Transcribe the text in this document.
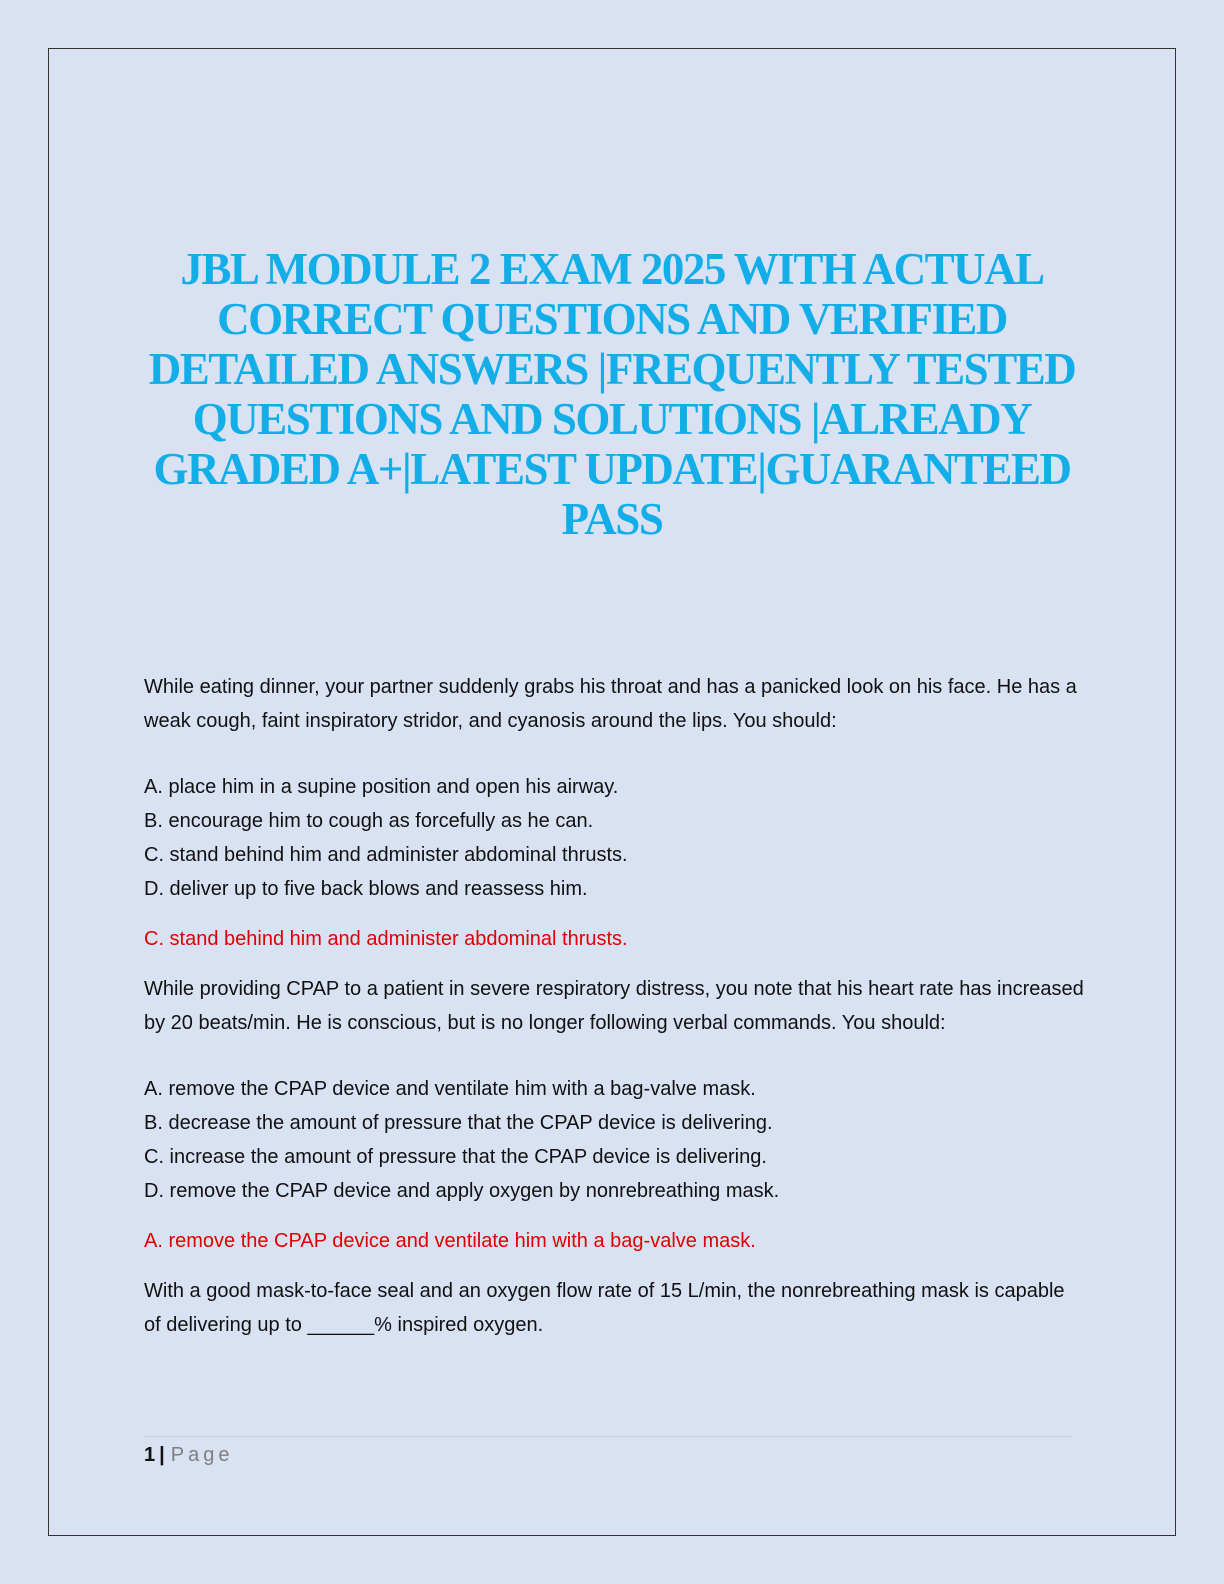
JBL MODULE 2 EXAM 2025 WITH ACTUAL CORRECT QUESTIONS AND VERIFIED DETAILED ANSWERS |FREQUENTLY TESTED QUESTIONS AND SOLUTIONS |ALREADY GRADED A+|LATEST UPDATE|GUARANTEED PASS

While eating dinner, your partner suddenly grabs his throat and has a panicked look on his face. He has a weak cough, faint inspiratory stridor, and cyanosis around the lips. You should:

A. place him in a supine position and open his airway.

B. encourage him to cough as forcefully as he can.

C. stand behind him and administer abdominal thrusts.

D. deliver up to five back blows and reassess him.

C. stand behind him and administer abdominal thrusts.

While providing CPAP to a patient in severe respiratory distress, you note that his heart rate has increased by 20 beats/min. He is conscious, but is no longer following verbal commands. You should:

A. remove the CPAP device and ventilate him with a bag-valve mask.

B. decrease the amount of pressure that the CPAP device is delivering.

C. increase the amount of pressure that the CPAP device is delivering.

D. remove the CPAP device and apply oxygen by nonrebreathing mask.

A. remove the CPAP device and ventilate him with a bag-valve mask.

With a good mask-to-face seal and an oxygen flow rate of 15 L/min, the nonrebreathing mask is capable of delivering up to ______% inspired oxygen.

1 | Page
